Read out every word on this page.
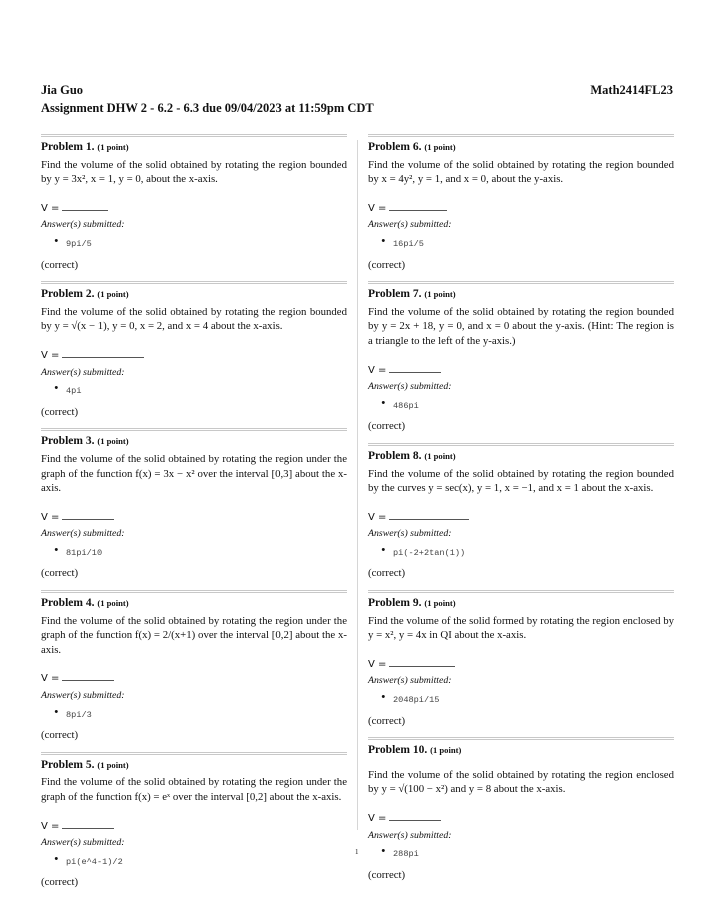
Jia Guo	Math2414FL23
Assignment DHW 2 - 6.2 - 6.3 due 09/04/2023 at 11:59pm CDT
Problem 1. (1 point)

Find the volume of the solid obtained by rotating the region bounded by y = 3x², x = 1, y = 0, about the x-axis.

V =

Answer(s) submitted:
• 9pi/5
(correct)
Problem 2. (1 point)

Find the volume of the solid obtained by rotating the region bounded by y = √(x − 1), y = 0, x = 2, and x = 4 about the x-axis.

V =

Answer(s) submitted:
• 4pi
(correct)
Problem 3. (1 point)

Find the volume of the solid obtained by rotating the region under the graph of the function f(x) = 3x − x² over the interval [0,3] about the x-axis.

V =

Answer(s) submitted:
• 81pi/10
(correct)
Problem 4. (1 point)

Find the volume of the solid obtained by rotating the region under the graph of the function f(x) = 2/(x+1) over the interval [0,2] about the x-axis.

V =

Answer(s) submitted:
• 8pi/3
(correct)
Problem 5. (1 point)

Find the volume of the solid obtained by rotating the region under the graph of the function f(x) = eˣ over the interval [0,2] about the x-axis.

V =

Answer(s) submitted:
• pi(e^4-1)/2
(correct)
Problem 6. (1 point)

Find the volume of the solid obtained by rotating the region bounded by x = 4y², y = 1, and x = 0, about the y-axis.

V =

Answer(s) submitted:
• 16pi/5
(correct)
Problem 7. (1 point)

Find the volume of the solid obtained by rotating the region bounded by y = 2x + 18, y = 0, and x = 0 about the y-axis. (Hint: The region is a triangle to the left of the y-axis.)

V =

Answer(s) submitted:
• 486pi
(correct)
Problem 8. (1 point)

Find the volume of the solid obtained by rotating the region bounded by the curves y = sec(x), y = 1, x = −1, and x = 1 about the x-axis.

V =

Answer(s) submitted:
• pi(-2+2tan(1))
(correct)
Problem 9. (1 point)

Find the volume of the solid formed by rotating the region enclosed by y = x², y = 4x in QI about the x-axis.

V =

Answer(s) submitted:
• 2048pi/15
(correct)
Problem 10. (1 point)

Find the volume of the solid obtained by rotating the region enclosed by y = √(100 − x²) and y = 8 about the x-axis.

V =

Answer(s) submitted:
• 288pi
(correct)
1
